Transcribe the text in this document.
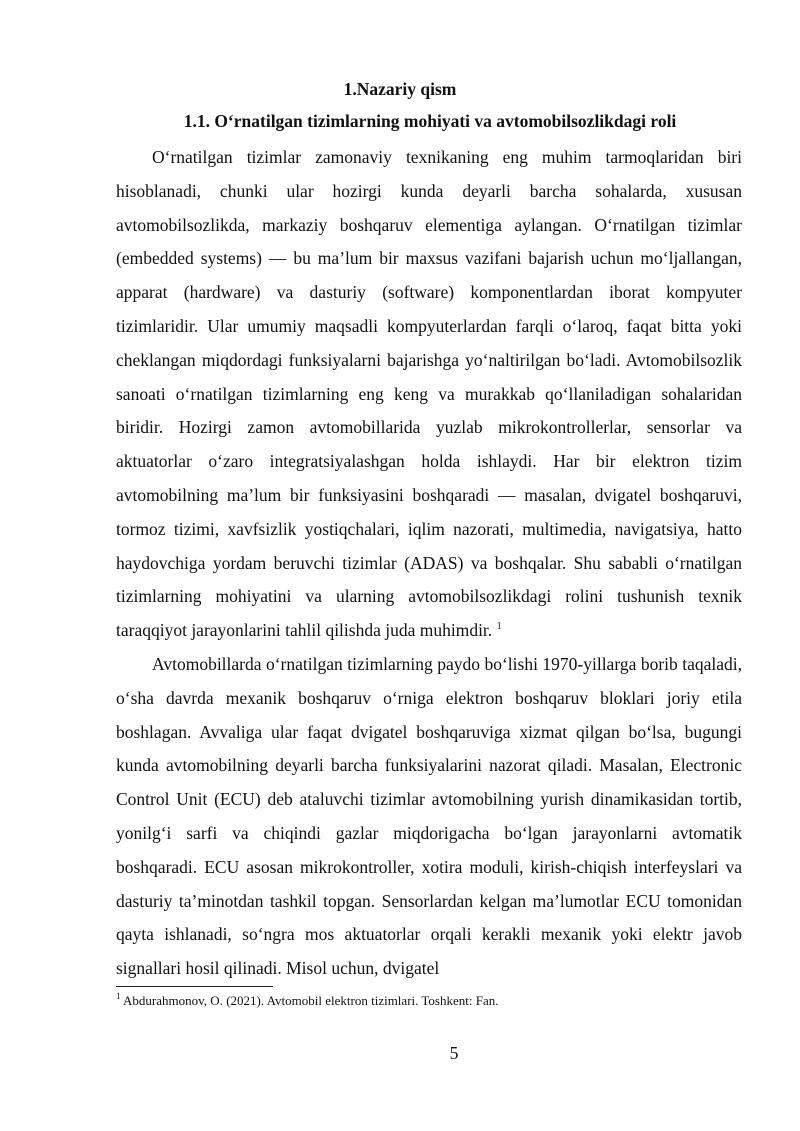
1.Nazariy qism
1.1. O‘rnatilgan tizimlarning mohiyati va avtomobilsozlikdagi roli

O‘rnatilgan tizimlar zamonaviy texnikaning eng muhim tarmoqlaridan biri hisoblanadi, chunki ular hozirgi kunda deyarli barcha sohalarda, xususan avtomobilsozlikda, markaziy boshqaruv elementiga aylangan. O‘rnatilgan tizimlar (embedded systems) — bu ma’lum bir maxsus vazifani bajarish uchun mo‘ljallangan, apparat (hardware) va dasturiy (software) komponentlardan iborat kompyuter tizimlaridir. Ular umumiy maqsadli kompyuterlardan farqli o‘laroq, faqat bitta yoki cheklangan miqdordagi funksiyalarni bajarishga yo‘naltirilgan bo‘ladi. Avtomobilsozlik sanoati o‘rnatilgan tizimlarning eng keng va murakkab qo‘llaniladigan sohalaridan biridir. Hozirgi zamon avtomobillarida yuzlab mikrokontrollerlar, sensorlar va aktuatorlar o‘zaro integratsiyalashgan holda ishlaydi. Har bir elektron tizim avtomobilning ma’lum bir funksiyasini boshqaradi — masalan, dvigatel boshqaruvi, tormoz tizimi, xavfsizlik yostiqchalari, iqlim nazorati, multimedia, navigatsiya, hatto haydovchiga yordam beruvchi tizimlar (ADAS) va boshqalar. Shu sababli o‘rnatilgan tizimlarning mohiyatini va ularning avtomobilsozlikdagi rolini tushunish texnik taraqqiyot jarayonlarini tahlil qilishda juda muhimdir. $^1$

Avtomobillarda o‘rnatilgan tizimlarning paydo bo‘lishi 1970-yillarga borib taqaladi, o‘sha davrda mexanik boshqaruv o‘rniga elektron boshqaruv bloklari joriy etila boshlagan. Avvaliga ular faqat dvigatel boshqaruviga xizmat qilgan bo‘lsa, bugungi kunda avtomobilning deyarli barcha funksiyalarini nazorat qiladi. Masalan, Electronic Control Unit (ECU) deb ataluvchi tizimlar avtomobilning yurish dinamikasidan tortib, yonilg‘i sarfi va chiqindi gazlar miqdorigacha bo‘lgan jarayonlarni avtomatik boshqaradi. ECU asosan mikrokontroller, xotira moduli, kirish-chiqish interfeyslari va dasturiy ta’minotdan tashkil topgan. Sensorlardan kelgan ma’lumotlar ECU tomonidan qayta ishlanadi, so‘ngra mos aktuatorlar orqali kerakli mexanik yoki elektr javob signallari hosil qilinadi. Misol uchun, dvigatel

$^1$ Abdurahmonov, O. (2021). Avtomobil elektron tizimlari. Toshkent: Fan.
5
